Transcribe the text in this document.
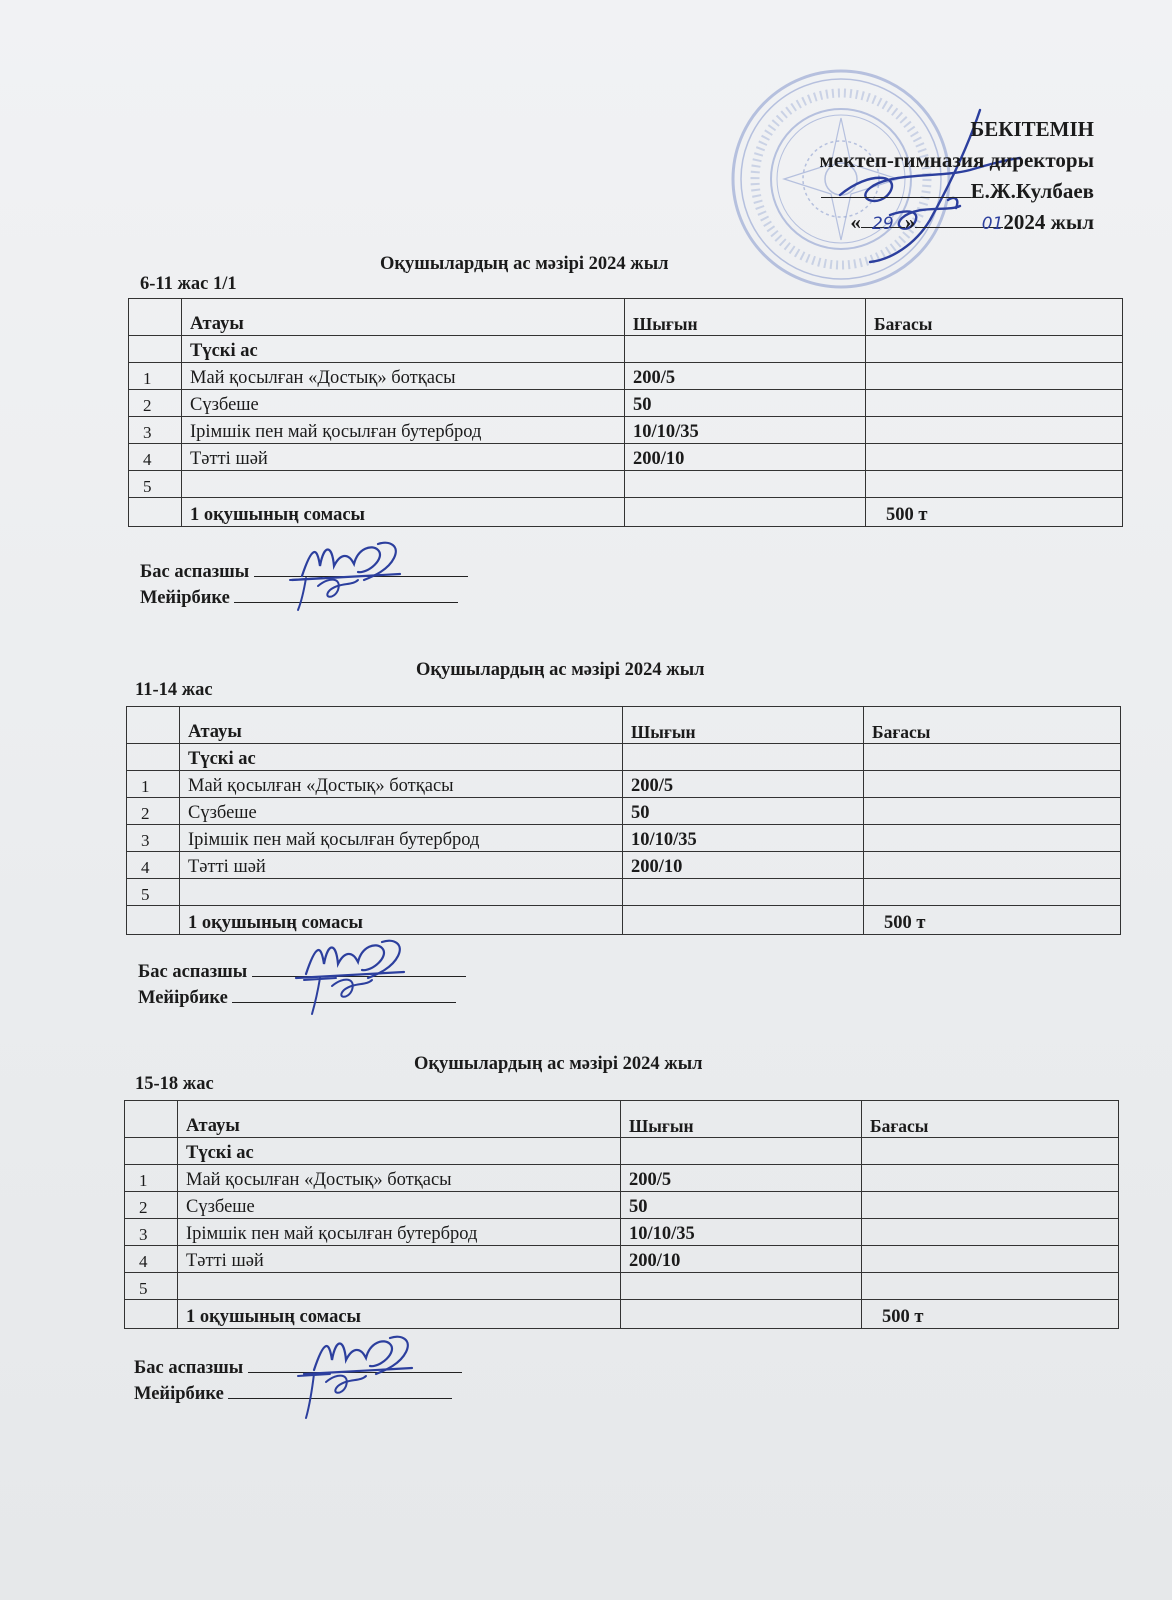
БЕКІТЕМІН
мектеп-гимназия директоры
Е.Ж.Кулбаев
« 29 »	012024 жыл
Оқушылардың ас мәзірі 2024 жыл
6-11 жас 1/1
	Атауы	Шығын	Бағасы
	Түскі ас		
1	Май қосылған «Достық» ботқасы	200/5	
2	Сүзбеше	50	
3	Ірімшік пен май қосылған бутерброд	10/10/35	
4	Тәтті шәй	200/10	
5			
	1 оқушының сомасы		500 т
Бас аспазшы
Мейірбике
Оқушылардың ас мәзірі 2024 жыл
11-14 жас
	Атауы	Шығын	Бағасы
	Түскі ас		
1	Май қосылған «Достық» ботқасы	200/5	
2	Сүзбеше	50	
3	Ірімшік пен май қосылған бутерброд	10/10/35	
4	Тәтті шәй	200/10	
5			
	1 оқушының сомасы		500 т
Бас аспазшы
Мейірбике
Оқушылардың ас мәзірі 2024 жыл
15-18 жас
	Атауы	Шығын	Бағасы
	Түскі ас		
1	Май қосылған «Достық» ботқасы	200/5	
2	Сүзбеше	50	
3	Ірімшік пен май қосылған бутерброд	10/10/35	
4	Тәтті шәй	200/10	
5			
	1 оқушының сомасы		500 т
Бас аспазшы
Мейірбике
